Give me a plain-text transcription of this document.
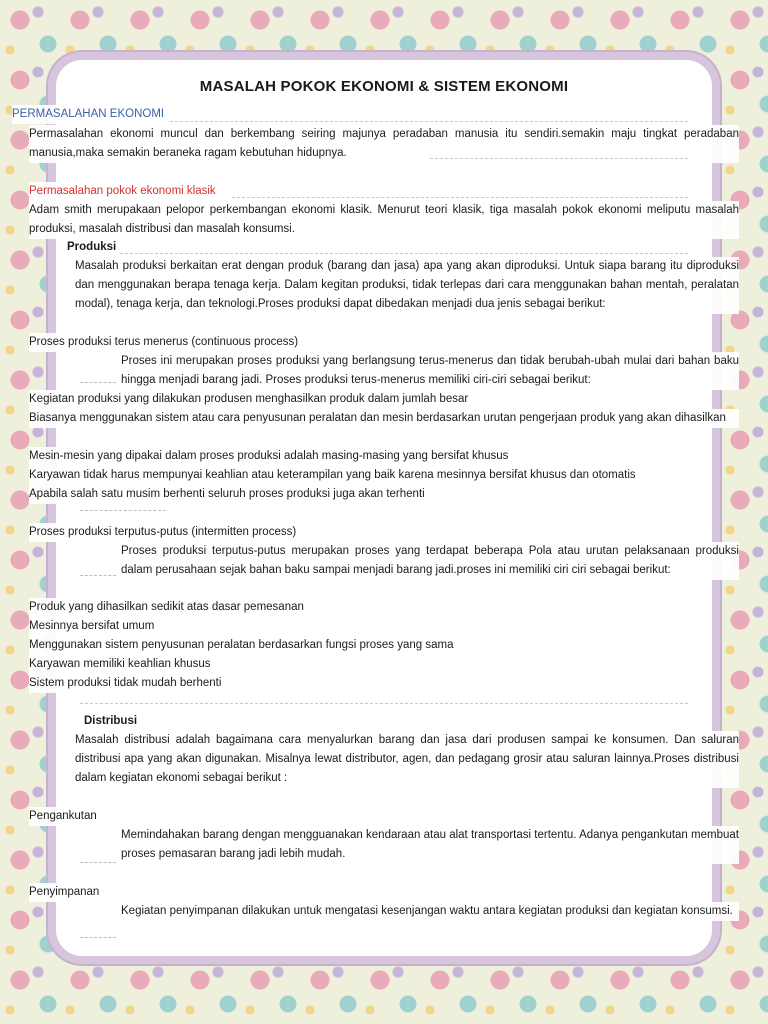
MASALAH POKOK EKONOMI & SISTEM EKONOMI
PERMASALAHAN EKONOMI
Permasalahan ekonomi muncul dan berkembang seiring majunya peradaban manusia itu sendiri.semakin maju tingkat peradaban manusia,maka semakin beraneka ragam kebutuhan hidupnya.
Permasalahan pokok ekonomi klasik
Adam smith merupakaan pelopor perkembangan ekonomi klasik. Menurut teori klasik, tiga masalah pokok ekonomi meliputu masalah produksi, masalah distribusi dan masalah konsumsi.
Produksi
Masalah produksi berkaitan erat dengan produk (barang dan jasa) apa yang akan diproduksi. Untuk siapa barang itu diproduksi dan menggunakan berapa tenaga kerja. Dalam kegitan produksi, tidak terlepas dari cara menggunakan bahan mentah, peralatan modal), tenaga kerja, dan teknologi.Proses produksi dapat dibedakan menjadi dua jenis sebagai berikut:
Proses produksi terus menerus (continuous process)
Proses ini merupakan proses produksi yang berlangsung terus-menerus dan tidak berubah-ubah mulai dari bahan baku hingga menjadi barang jadi. Proses produksi terus-menerus memiliki ciri-ciri sebagai berikut:
Kegiatan produksi yang dilakukan produsen menghasilkan produk dalam jumlah besar
Biasanya menggunakan sistem atau cara penyusunan peralatan dan mesin berdasarkan urutan pengerjaan produk yang akan dihasilkan
Mesin-mesin yang dipakai dalam proses produksi adalah masing-masing yang bersifat khusus
Karyawan tidak harus mempunyai keahlian atau keterampilan yang baik karena mesinnya bersifat khusus dan otomatis
Apabila salah satu musim berhenti seluruh proses produksi juga akan terhenti
Proses produksi terputus-putus (intermitten process)
Proses produksi terputus-putus merupakan proses yang terdapat beberapa Pola atau urutan pelaksanaan produksi dalam perusahaan sejak bahan baku sampai menjadi barang jadi.proses ini memiliki ciri ciri sebagai berikut:
Produk yang dihasilkan sedikit atas dasar pemesanan
Mesinnya bersifat umum
Menggunakan sistem penyusunan peralatan berdasarkan fungsi proses yang sama
Karyawan memiliki keahlian khusus
Sistem produksi tidak mudah berhenti
Distribusi
Masalah distribusi adalah bagaimana cara menyalurkan barang dan jasa dari produsen sampai ke konsumen. Dan saluran distribusi apa yang akan digunakan. Misalnya lewat distributor, agen, dan pedagang grosir atau saluran lainnya.Proses distribusi dalam kegiatan ekonomi sebagai berikut :
Pengankutan
Memindahakan barang dengan mengguanakan kendaraan atau alat transportasi tertentu. Adanya pengankutan membuat proses pemasaran barang jadi lebih mudah.
Penyimpanan
Kegiatan penyimpanan dilakukan untuk mengatasi kesenjangan waktu antara kegiatan produksi dan kegiatan konsumsi.
